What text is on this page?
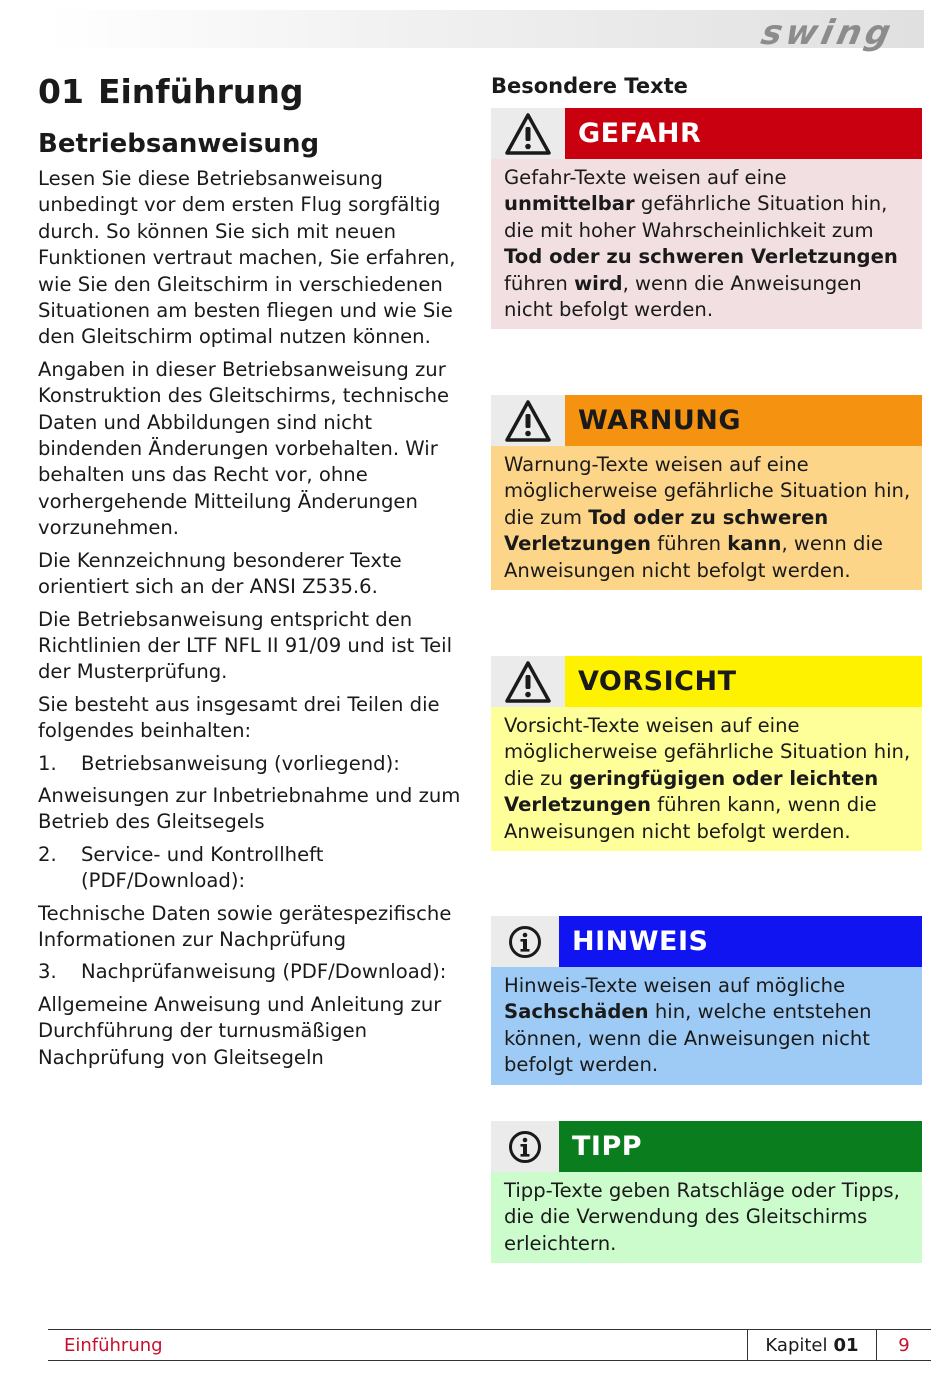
swing
01 Einführung
Betriebsanweisung

Lesen Sie diese Betriebsanweisung unbedingt vor dem ersten Flug sorgfältig durch. So können Sie sich mit neuen Funktionen vertraut machen, Sie erfahren, wie Sie den Gleitschirm in verschiedenen Situationen am besten fliegen und wie Sie den Gleitschirm optimal nutzen können.

Angaben in dieser Betriebsanweisung zur Konstruktion des Gleitschirms, technische Daten und Abbildungen sind nicht bindenden Änderungen vorbehalten. Wir behalten uns das Recht vor, ohne vorhergehende Mitteilung Änderungen vorzunehmen.

Die Kennzeichnung besonderer Texte orientiert sich an der ANSI Z535.6.

Die Betriebsanweisung entspricht den Richtlinien der LTF NFL II 91/09 und ist Teil der Musterprüfung.

Sie besteht aus insgesamt drei Teilen die folgendes beinhalten:

1.	Betriebsanweisung (vorliegend):

Anweisungen zur Inbetriebnahme und zum Betrieb des Gleitsegels

2.	Service- und Kontrollheft (PDF/Download):

Technische Daten sowie gerätespezifische Informationen zur Nachprüfung

3.	Nachprüfanweisung (PDF/Download):

Allgemeine Anweisung und Anleitung zur Durchführung der turnusmäßigen Nachprüfung von Gleitsegeln

Besondere Texte
GEFAHR
Gefahr-Texte weisen auf eine unmittelbar gefährliche Situation hin, die mit hoher Wahrscheinlichkeit zum Tod oder zu schweren Verletzungen führen wird, wenn die Anweisungen nicht befolgt werden.
WARNUNG
Warnung-Texte weisen auf eine möglicherweise gefährliche Situation hin, die zum Tod oder zu schweren Verletzungen führen kann, wenn die Anweisungen nicht befolgt werden.
VORSICHT
Vorsicht-Texte weisen auf eine möglicherweise gefährliche Situation hin, die zu geringfügigen oder leichten Verletzungen führen kann, wenn die Anweisungen nicht befolgt werden.
HINWEIS
Hinweis-Texte weisen auf mögliche Sachschäden hin, welche entstehen können, wenn die Anweisungen nicht befolgt werden.
TIPP
Tipp-Texte geben Ratschläge oder Tipps, die die Verwendung des Gleitschirms erleichtern.
Einführung	Kapitel 01	9
